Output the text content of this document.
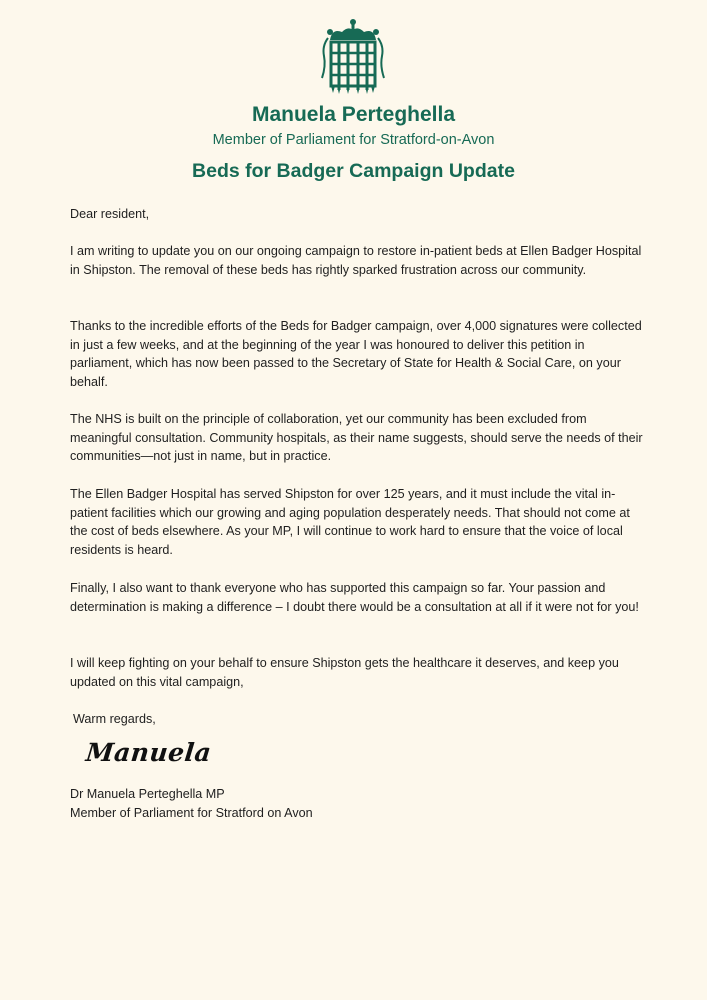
Manuela Perteghella
Member of Parliament for Stratford-on-Avon
Beds for Badger Campaign Update

Dear resident,

I am writing to update you on our ongoing campaign to restore in-patient beds at Ellen Badger Hospital in Shipston. The removal of these beds has rightly sparked frustration across our community.

Thanks to the incredible efforts of the Beds for Badger campaign, over 4,000 signatures were collected in just a few weeks, and at the beginning of the year I was honoured to deliver this petition in parliament, which has now been passed to the Secretary of State for Health & Social Care, on your behalf.

The NHS is built on the principle of collaboration, yet our community has been excluded from meaningful consultation. Community hospitals, as their name suggests, should serve the needs of their communities—not just in name, but in practice.

The Ellen Badger Hospital has served Shipston for over 125 years, and it must include the vital in-patient facilities which our growing and aging population desperately needs. That should not come at the cost of beds elsewhere. As your MP, I will continue to work hard to ensure that the voice of local residents is heard.

Finally, I also want to thank everyone who has supported this campaign so far. Your passion and determination is making a difference – I doubt there would be a consultation at all if it were not for you!

I will keep fighting on your behalf to ensure Shipston gets the healthcare it deserves, and keep you updated on this vital campaign,

Warm regards,

Manuela

Dr Manuela Perteghella MP

Member of Parliament for Stratford on Avon
